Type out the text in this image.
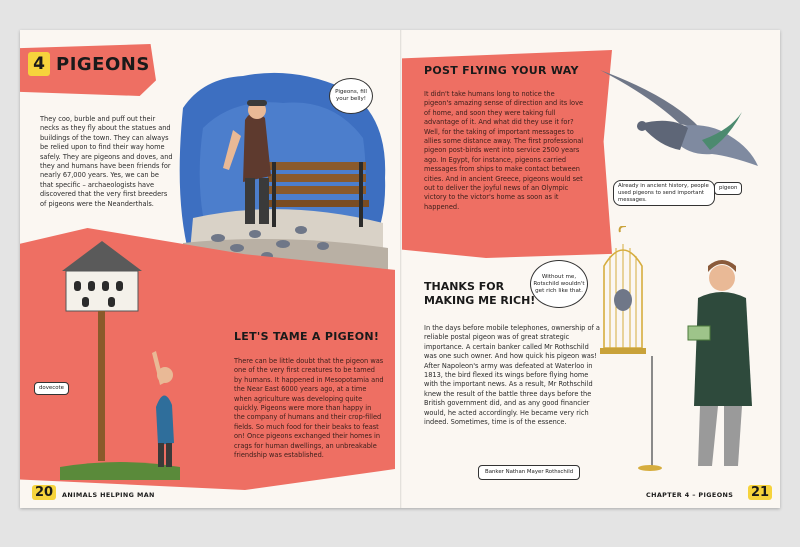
4 PIGEONS
They coo, burble and puff out their necks as they fly about the statues and buildings of the town. They can always be relied upon to find their way home safely. They are pigeons and doves, and they and humans have been friends for nearly 67,000 years. Yes, we can be that specific – archaeologists have discovered that the very first breeders of pigeons were the Neanderthals.
Pigeons, fill your belly!
dovecote
LET'S TAME A PIGEON!
There can be little doubt that the pigeon was one of the very first creatures to be tamed by humans. It happened in Mesopotamia and the Near East 6000 years ago, at a time when agriculture was developing quite quickly. Pigeons were more than happy in the company of humans and their crop-filled fields. So much food for their beaks to feast on! Once pigeons exchanged their homes in crags for human dwellings, an unbreakable friendship was established.
20	ANIMALS HELPING MAN
POST FLYING YOUR WAY
It didn't take humans long to notice the pigeon's amazing sense of direction and its love of home, and soon they were taking full advantage of it. And what did they use it for? Well, for the taking of important messages to allies some distance away. The first professional pigeon post-birds went into service 2500 years ago. In Egypt, for instance, pigeons carried messages from ships to make contact between cities. And in ancient Greece, pigeons would set out to deliver the joyful news of an Olympic victory to the victor's home as soon as it happened.
Already in ancient history, people used pigeons to send important messages.
pigeon
THANKS FOR MAKING ME RICH!
Without me, Rotschild wouldn't get rich like that.
In the days before mobile telephones, ownership of a reliable postal pigeon was of great strategic importance. A certain banker called Mr Rothschild was one such owner. And how quick his pigeon was! After Napoleon's army was defeated at Waterloo in 1813, the bird flexed its wings before flying home with the important news. As a result, Mr Rothschild knew the result of the battle three days before the British government did, and as any good financier would, he acted accordingly. He became very rich indeed. Sometimes, time is of the essence.
Banker Nathan Mayer Rothschild
CHAPTER 4 – PIGEONS 21
